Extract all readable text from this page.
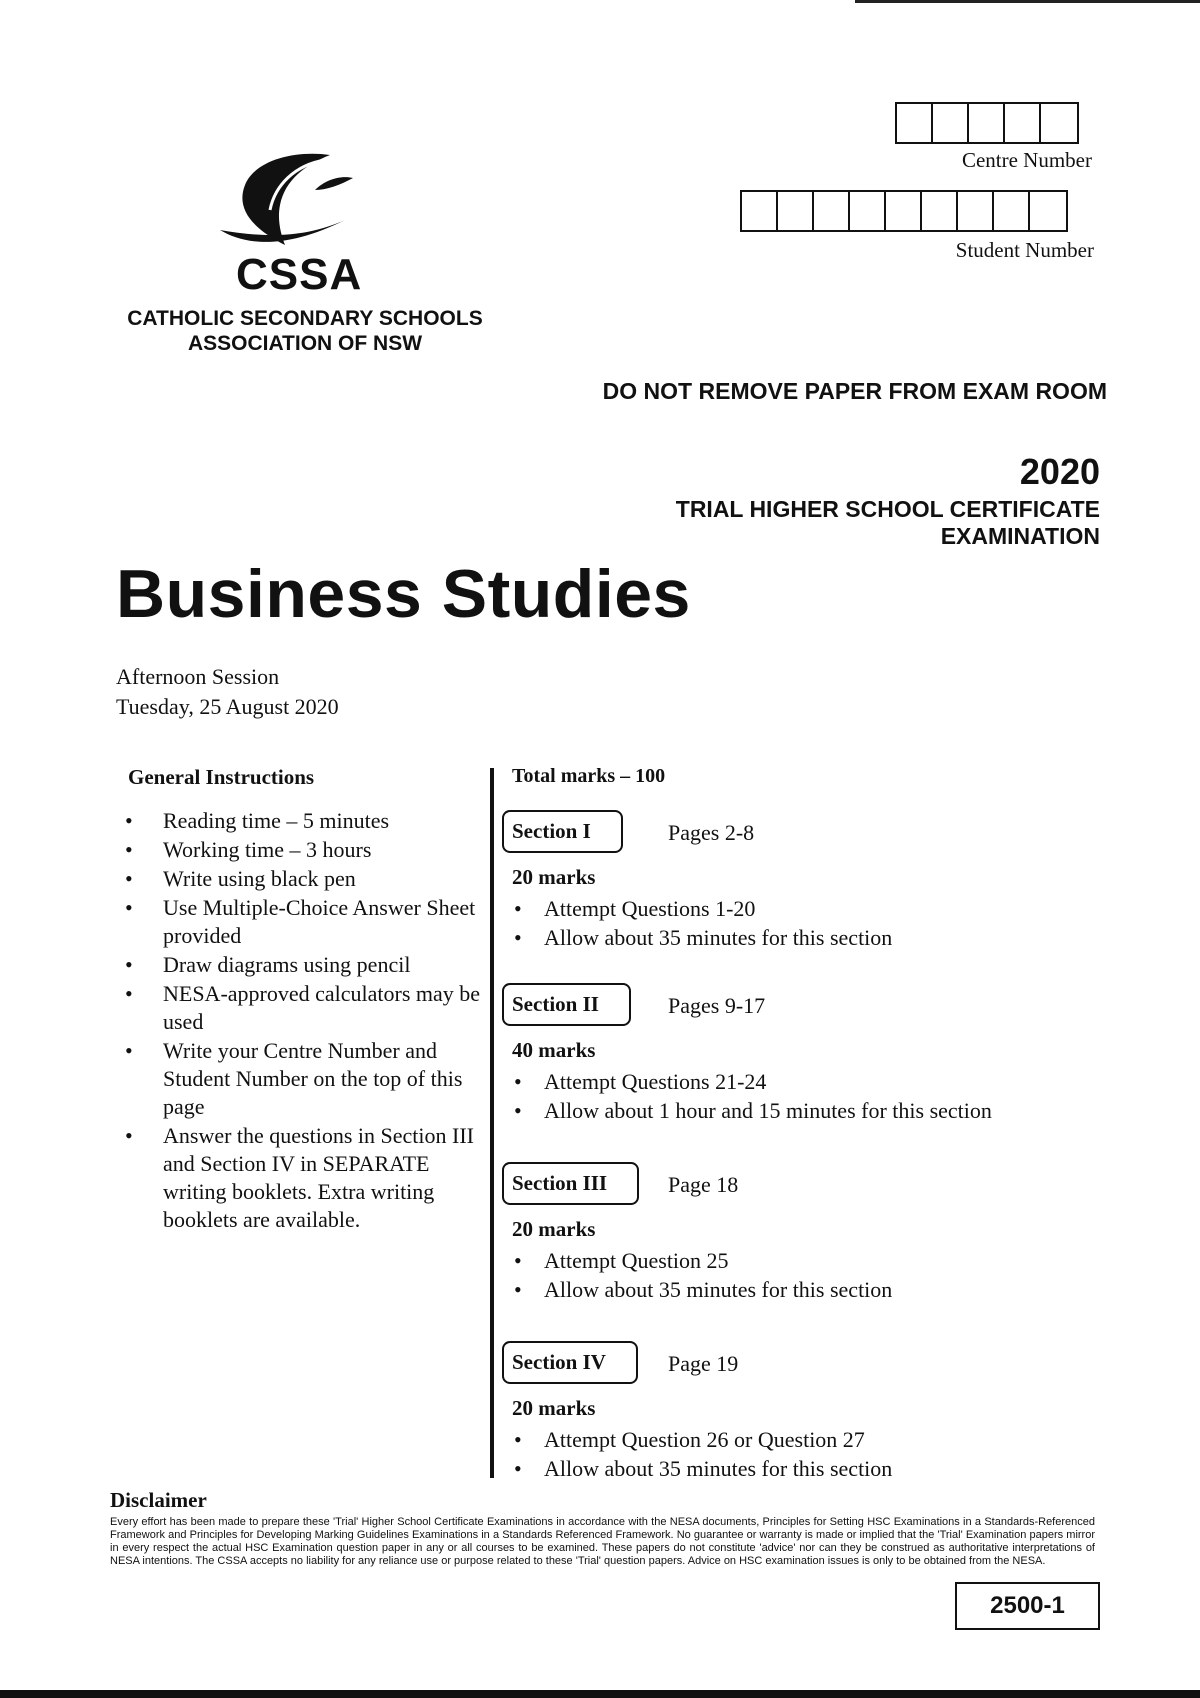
CSSA
CATHOLIC SECONDARY SCHOOLS
ASSOCIATION OF NSW
Centre Number
Student Number
DO NOT REMOVE PAPER FROM EXAM ROOM
2020
TRIAL HIGHER SCHOOL CERTIFICATE
EXAMINATION
Business Studies
Afternoon Session
Tuesday, 25 August 2020
General Instructions
• Reading time – 5 minutes
• Working time – 3 hours
• Write using black pen
• Use Multiple-Choice Answer Sheet provided
• Draw diagrams using pencil
• NESA-approved calculators may be used
• Write your Centre Number and Student Number on the top of this page
• Answer the questions in Section III and Section IV in SEPARATE writing booklets. Extra writing booklets are available.
Total marks – 100
Section I	Pages 2-8
20 marks
• Attempt Questions 1-20
• Allow about 35 minutes for this section
Section II	Pages 9-17
40 marks
• Attempt Questions 21-24
• Allow about 1 hour and 15 minutes for this section
Section III	Page 18
20 marks
• Attempt Question 25
• Allow about 35 minutes for this section
Section IV	Page 19
20 marks
• Attempt Question 26 or Question 27
• Allow about 35 minutes for this section
Disclaimer
Every effort has been made to prepare these 'Trial' Higher School Certificate Examinations in accordance with the NESA documents, Principles for Setting HSC Examinations in a Standards-Referenced Framework and Principles for Developing Marking Guidelines Examinations in a Standards Referenced Framework. No guarantee or warranty is made or implied that the 'Trial' Examination papers mirror in every respect the actual HSC Examination question paper in any or all courses to be examined. These papers do not constitute 'advice' nor can they be construed as authoritative interpretations of NESA intentions. The CSSA accepts no liability for any reliance use or purpose related to these 'Trial' question papers. Advice on HSC examination issues is only to be obtained from the NESA.
2500-1
